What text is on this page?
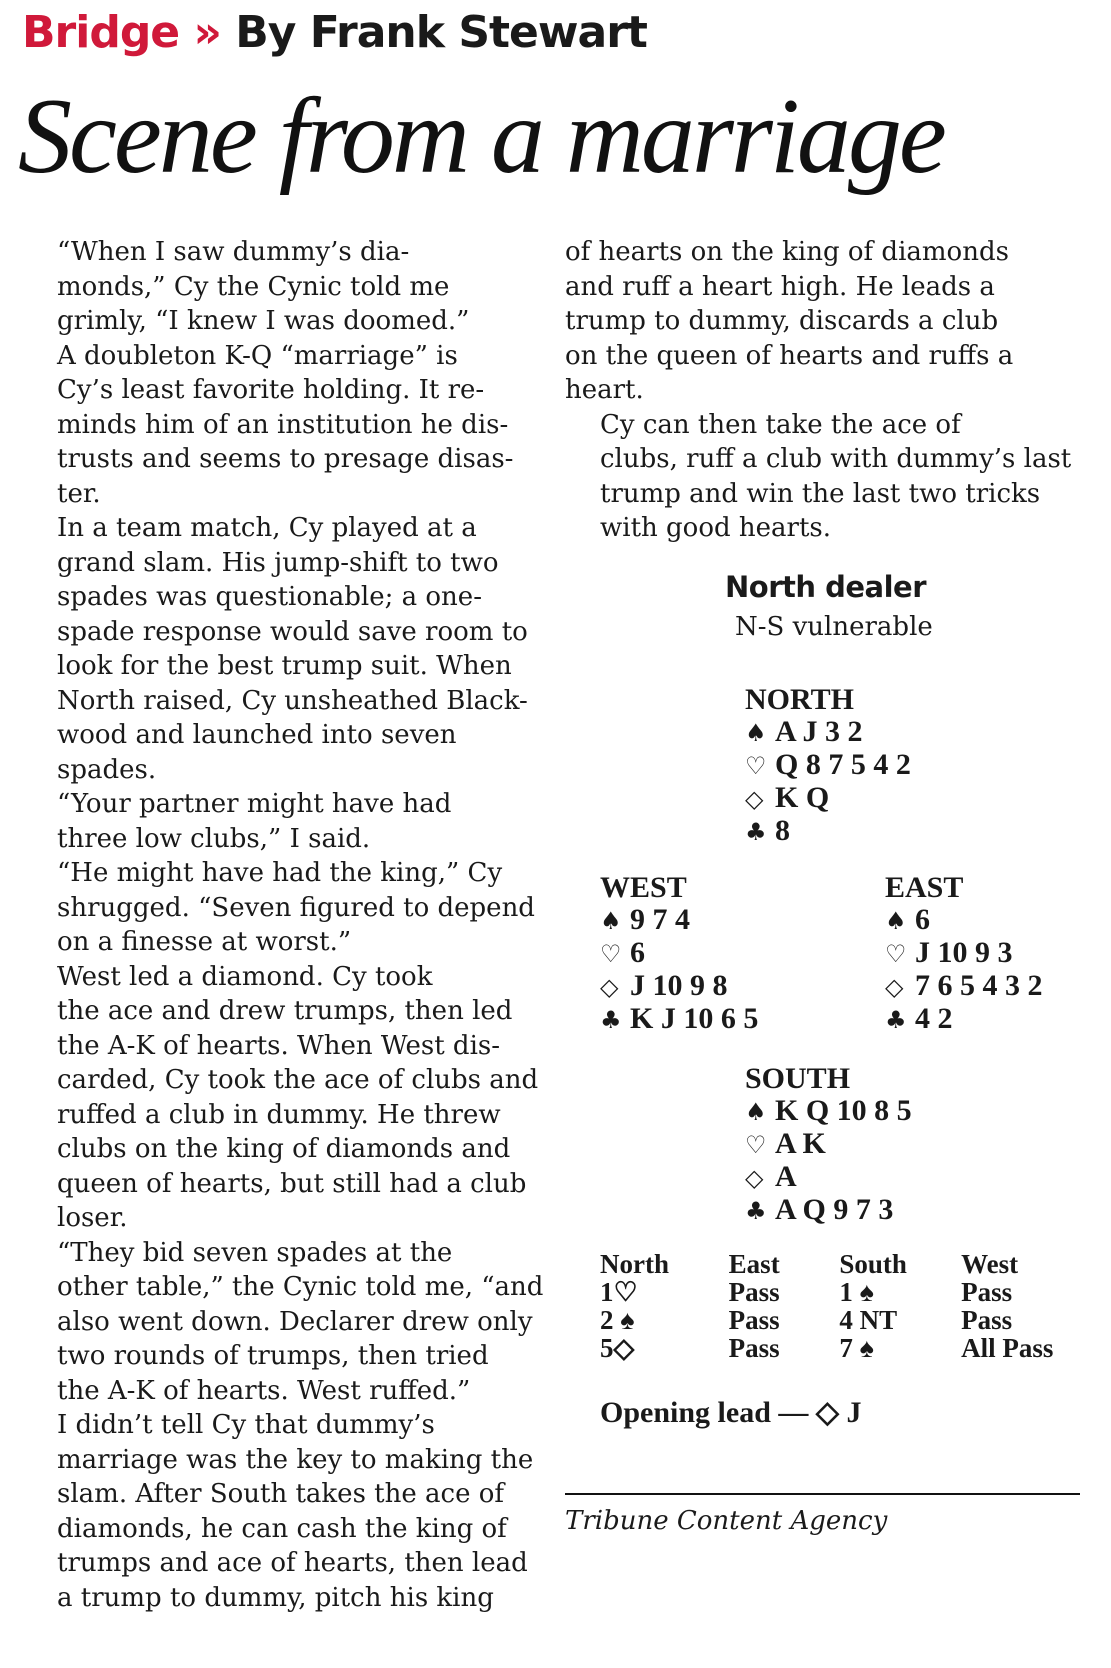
Bridge » By Frank Stewart
Scene from a marriage

“When I saw dummy’s dia-
monds,” Cy the Cynic told me
grimly, “I knew I was doomed.”

A doubleton K-Q “marriage” is
Cy’s least favorite holding. It re-
minds him of an institution he dis-
trusts and seems to presage disas-
ter.

In a team match, Cy played at a
grand slam. His jump-shift to two
spades was questionable; a one-
spade response would save room to
look for the best trump suit. When
North raised, Cy unsheathed Black-
wood and launched into seven
spades.

“Your partner might have had
three low clubs,” I said.

“He might have had the king,” Cy
shrugged. “Seven figured to depend
on a finesse at worst.”

West led a diamond. Cy took
the ace and drew trumps, then led
the A-K of hearts. When West dis-
carded, Cy took the ace of clubs and
ruffed a club in dummy. He threw
clubs on the king of diamonds and
queen of hearts, but still had a club
loser.

“They bid seven spades at the
other table,” the Cynic told me, “and
also went down. Declarer drew only
two rounds of trumps, then tried
the A-K of hearts. West ruffed.”

I didn’t tell Cy that dummy’s
marriage was the key to making the
slam. After South takes the ace of
diamonds, he can cash the king of
trumps and ace of hearts, then lead
a trump to dummy, pitch his king

of hearts on the king of diamonds
and ruff a heart high. He leads a
trump to dummy, discards a club
on the queen of hearts and ruffs a
heart.

Cy can then take the ace of
clubs, ruff a club with dummy’s last
trump and win the last two tricks
with good hearts.

North dealer
N-S vulnerable
NORTH
♠ A J 3 2
♡ Q 8 7 5 4 2
◇ K Q
♣ 8
WEST
♠ 9 7 4
♡ 6
◇ J 10 9 8
♣ K J 10 6 5
EAST
♠ 6
♡ J 10 9 3
◇ 7 6 5 4 3 2
♣ 4 2
SOUTH
♠ K Q 10 8 5
♡ A K
◇ A
♣ A Q 9 7 3
North	East	South	West
1♡	Pass	1 ♠	Pass
2 ♠	Pass	4 NT	Pass
5◇	Pass	7 ♠	All Pass
Opening lead — ◇ J
Tribune Content Agency
